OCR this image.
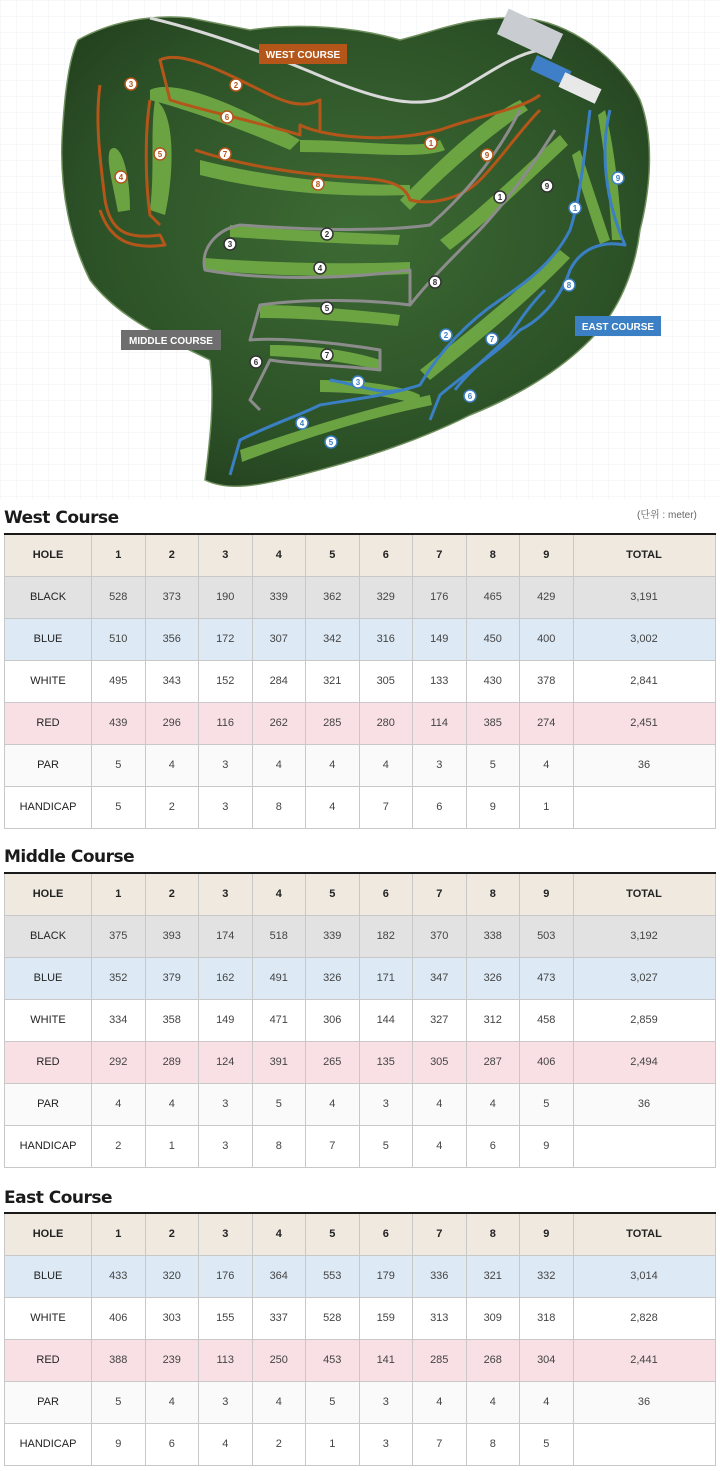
1
2
3
4
5
6
7
8
9
1
2
3
4
5
6
7
8
9
1
2
3
4
5
6
7
8
9
WEST COURSE
MIDDLE COURSE
EAST COURSE
West Course	(단위 : meter)
HOLE	1	2	3	4	5	6	7	8	9	TOTAL
BLACK	528	373	190	339	362	329	176	465	429	3,191
BLUE	510	356	172	307	342	316	149	450	400	3,002
WHITE	495	343	152	284	321	305	133	430	378	2,841
RED	439	296	116	262	285	280	114	385	274	2,451
PAR	5	4	3	4	4	4	3	5	4	36
HANDICAP	5	2	3	8	4	7	6	9	1	
Middle Course
HOLE	1	2	3	4	5	6	7	8	9	TOTAL
BLACK	375	393	174	518	339	182	370	338	503	3,192
BLUE	352	379	162	491	326	171	347	326	473	3,027
WHITE	334	358	149	471	306	144	327	312	458	2,859
RED	292	289	124	391	265	135	305	287	406	2,494
PAR	4	4	3	5	4	3	4	4	5	36
HANDICAP	2	1	3	8	7	5	4	6	9	
East Course
HOLE	1	2	3	4	5	6	7	8	9	TOTAL
BLUE	433	320	176	364	553	179	336	321	332	3,014
WHITE	406	303	155	337	528	159	313	309	318	2,828
RED	388	239	113	250	453	141	285	268	304	2,441
PAR	5	4	3	4	5	3	4	4	4	36
HANDICAP	9	6	4	2	1	3	7	8	5	
